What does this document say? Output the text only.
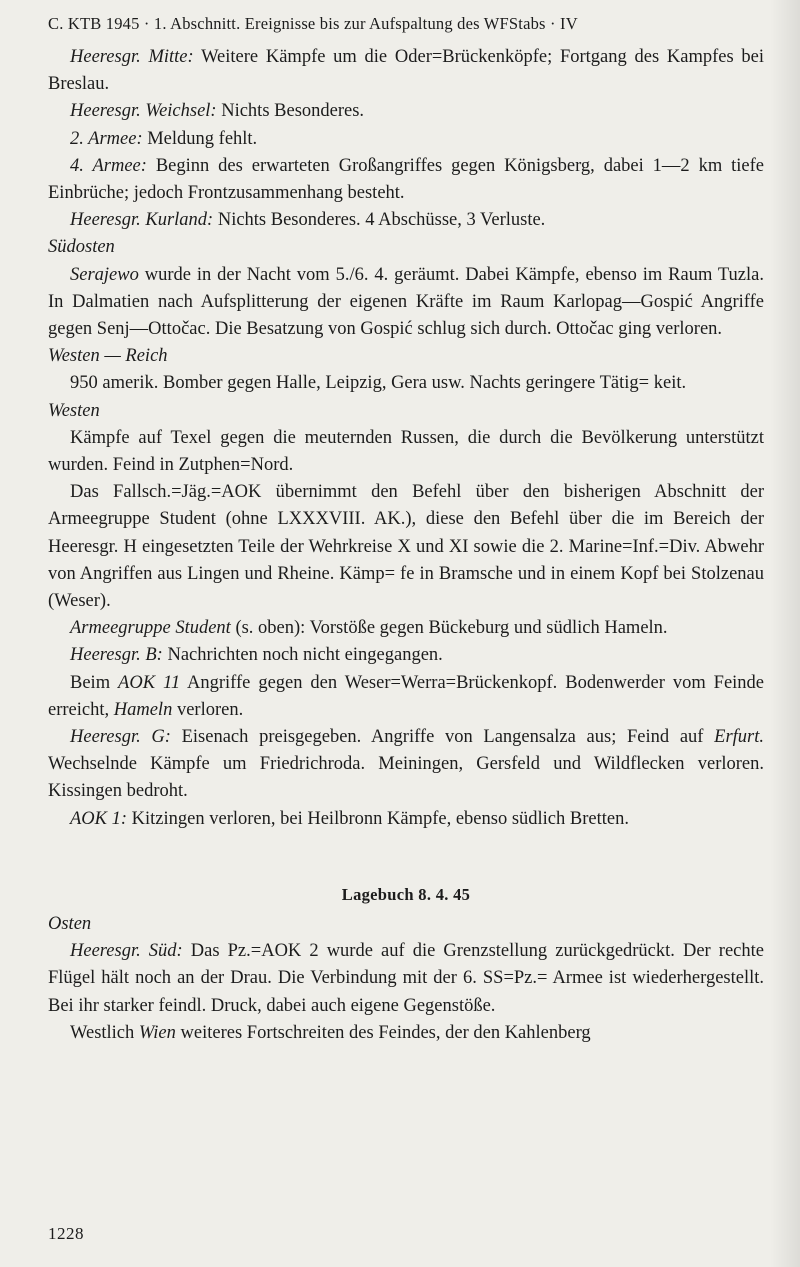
C. KTB 1945 · 1. Abschnitt. Ereignisse bis zur Aufspaltung des WFStabs · IV

Heeresgr. Mitte: Weitere Kämpfe um die Oder=Brückenköpfe; Fortgang des Kampfes bei Breslau.

Heeresgr. Weichsel: Nichts Besonderes.

2. Armee: Meldung fehlt.

4. Armee: Beginn des erwarteten Großangriffes gegen Königsberg, dabei 1—2 km tiefe Einbrüche; jedoch Frontzusammenhang besteht.

Heeresgr. Kurland: Nichts Besonderes. 4 Abschüsse, 3 Verluste.

Südosten

Serajewo wurde in der Nacht vom 5./6. 4. geräumt. Dabei Kämpfe, ebenso im Raum Tuzla. In Dalmatien nach Aufsplitterung der eigenen Kräfte im Raum Karlopag—Gospić Angriffe gegen Senj—Ottočac. Die Besatzung von Gospić schlug sich durch. Ottočac ging verloren.

Westen — Reich

950 amerik. Bomber gegen Halle, Leipzig, Gera usw. Nachts geringere Tätig= keit.

Westen

Kämpfe auf Texel gegen die meuternden Russen, die durch die Bevölkerung unterstützt wurden. Feind in Zutphen=Nord.

Das Fallsch.=Jäg.=AOK übernimmt den Befehl über den bisherigen Abschnitt der Armeegruppe Student (ohne LXXXVIII. AK.), diese den Befehl über die im Bereich der Heeresgr. H eingesetzten Teile der Wehrkreise X und XI sowie die 2. Marine=Inf.=Div. Abwehr von Angriffen aus Lingen und Rheine. Kämp= fe in Bramsche und in einem Kopf bei Stolzenau (Weser).

Armeegruppe Student (s. oben): Vorstöße gegen Bückeburg und südlich Hameln.

Heeresgr. B: Nachrichten noch nicht eingegangen.

Beim AOK 11 Angriffe gegen den Weser=Werra=Brückenkopf. Bodenwerder vom Feinde erreicht, Hameln verloren.

Heeresgr. G: Eisenach preisgegeben. Angriffe von Langensalza aus; Feind auf Erfurt. Wechselnde Kämpfe um Friedrichroda. Meiningen, Gersfeld und Wildflecken verloren. Kissingen bedroht.

AOK 1: Kitzingen verloren, bei Heilbronn Kämpfe, ebenso südlich Bretten.

Lagebuch 8. 4. 45
Osten

Heeresgr. Süd: Das Pz.=AOK 2 wurde auf die Grenzstellung zurückgedrückt. Der rechte Flügel hält noch an der Drau. Die Verbindung mit der 6. SS=Pz.= Armee ist wiederhergestellt. Bei ihr starker feindl. Druck, dabei auch eigene Gegenstöße.

Westlich Wien weiteres Fortschreiten des Feindes, der den Kahlenberg

1228
